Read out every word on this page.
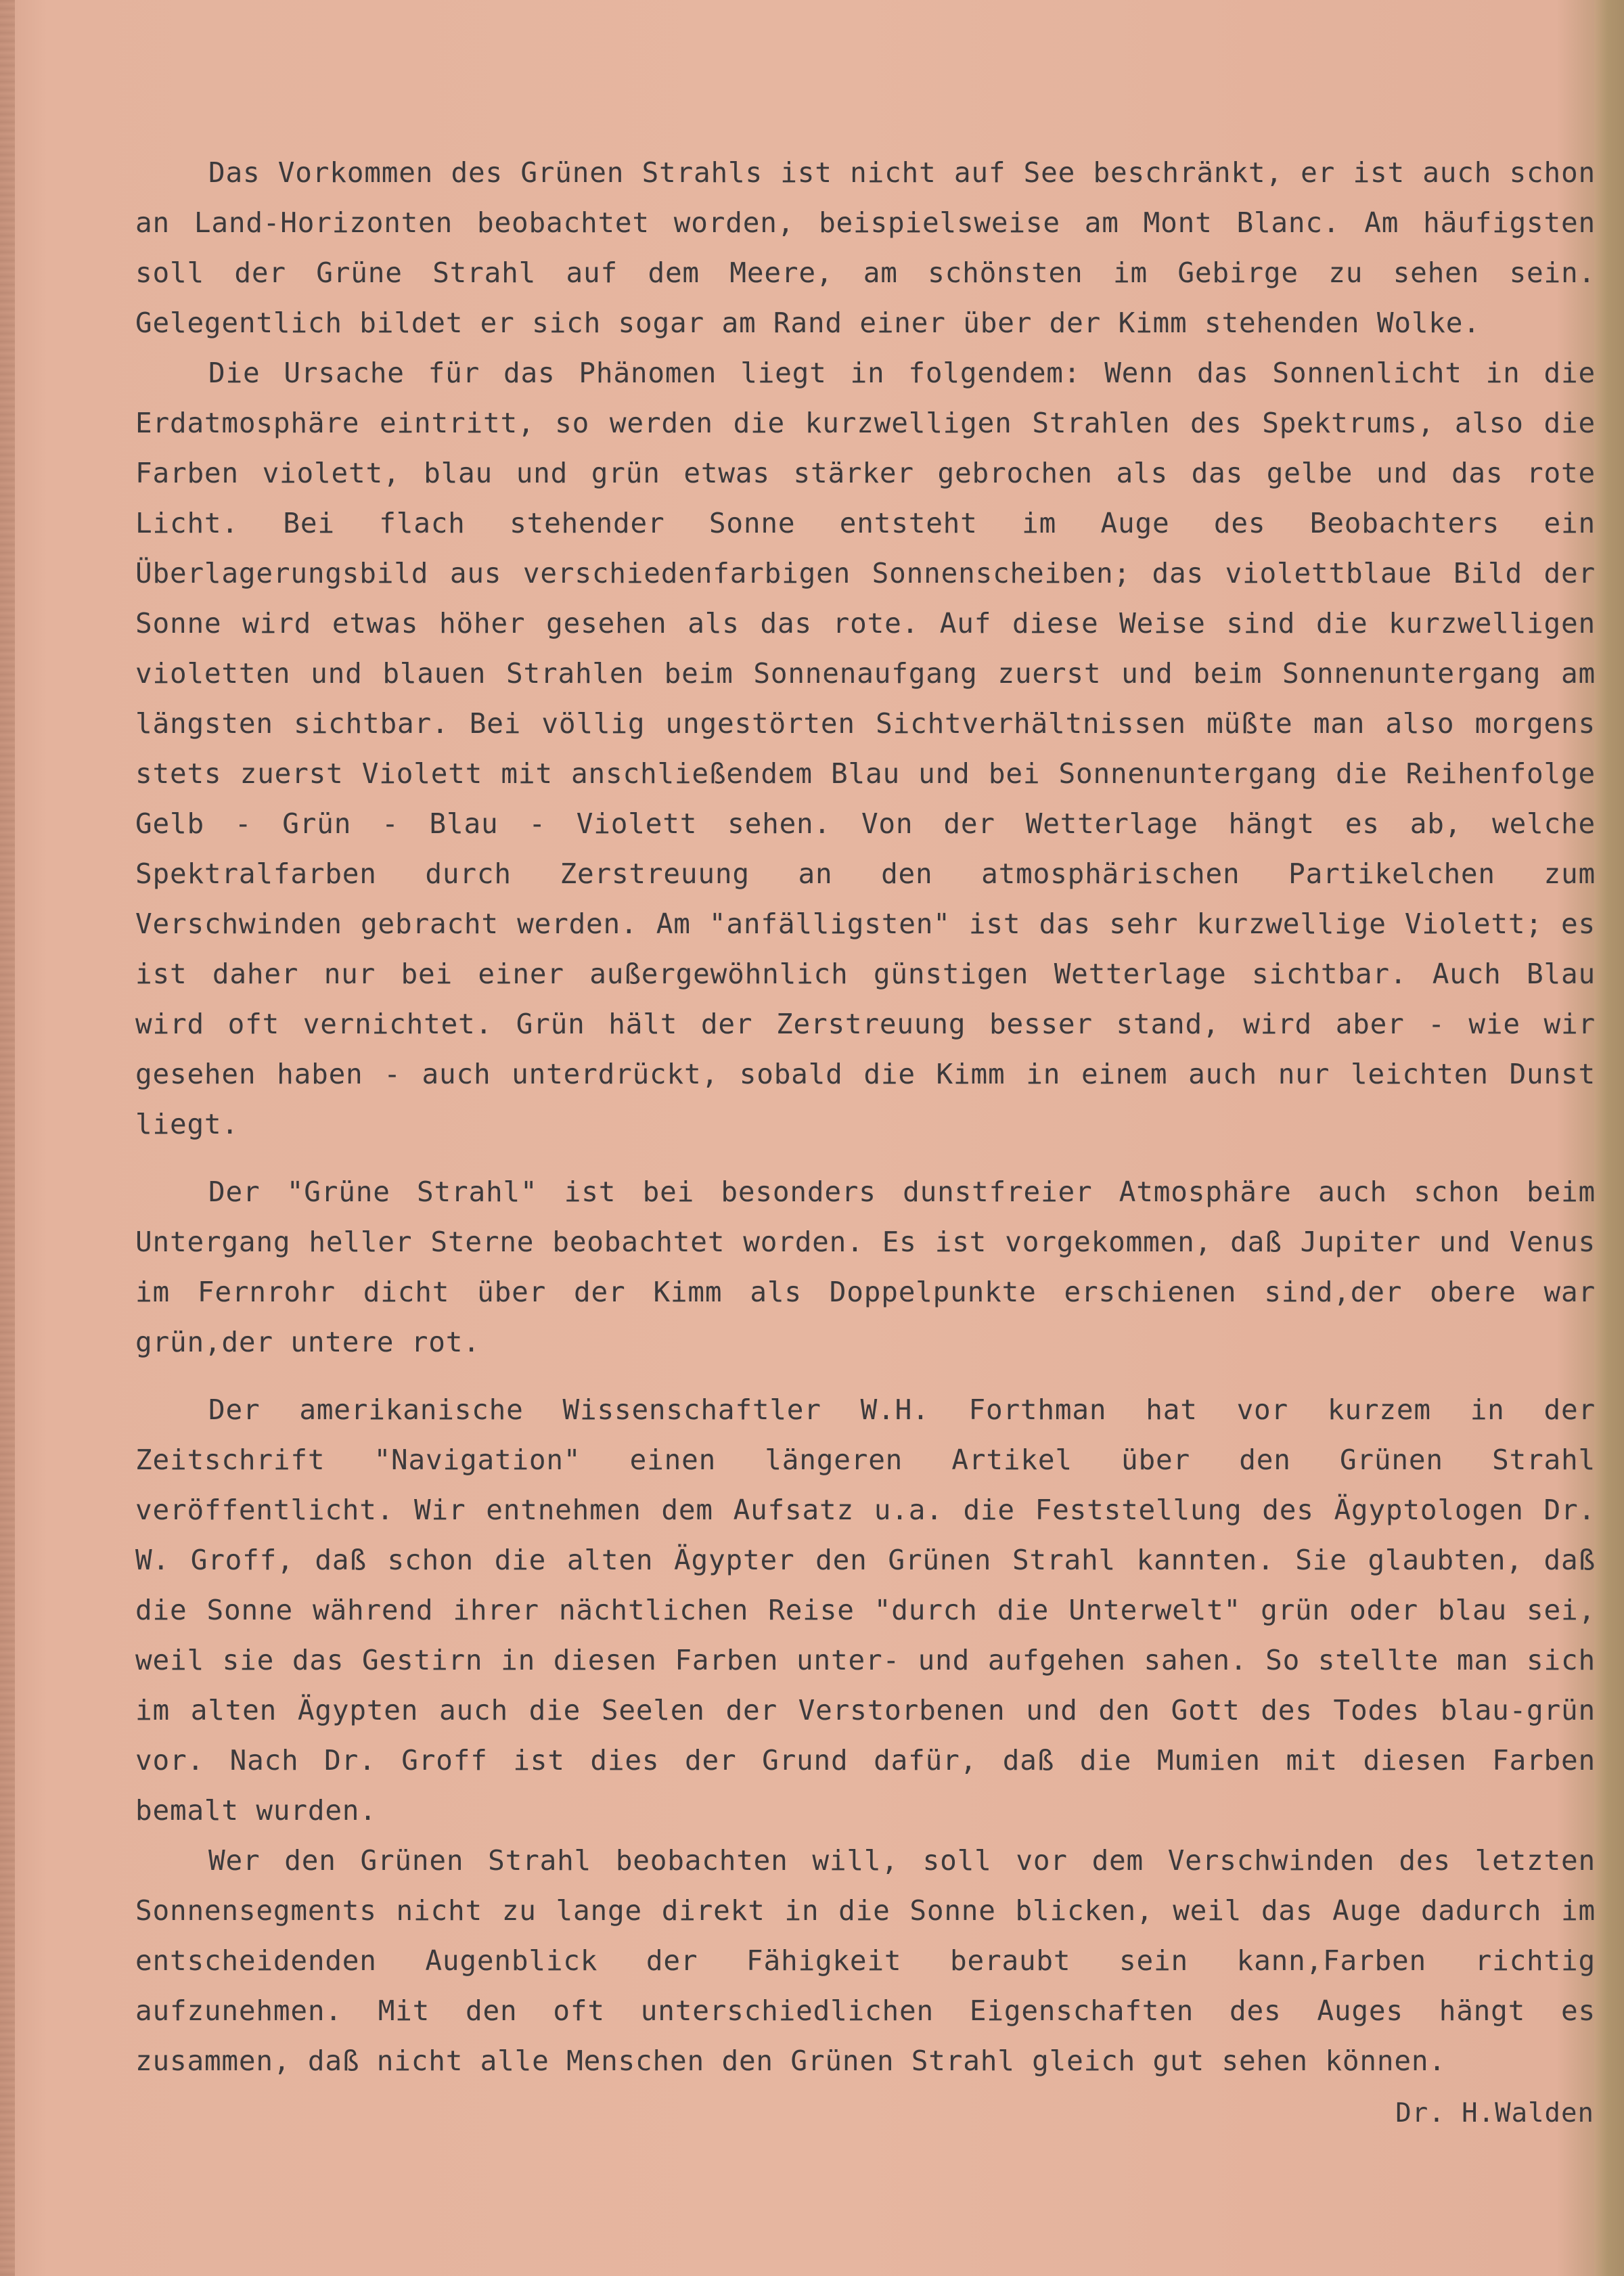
Das Vorkommen des Grünen Strahls ist nicht auf See beschränkt, er ist auch schon an Land-Horizonten beobachtet worden, beispielsweise am Mont Blanc. Am häufigsten soll der Grüne Strahl auf dem Meere, am schönsten im Gebirge zu sehen sein. Gelegentlich bildet er sich sogar am Rand einer über der Kimm stehenden Wolke.

Die Ursache für das Phänomen liegt in folgendem: Wenn das Sonnenlicht in die Erdatmosphäre eintritt, so werden die kurzwelligen Strahlen des Spektrums, also die Farben violett, blau und grün etwas stärker gebrochen als das gelbe und das rote Licht. Bei flach stehender Sonne entsteht im Auge des Beobachters ein Überlagerungsbild aus verschiedenfarbigen Sonnenscheiben; das violettblaue Bild der Sonne wird etwas höher gesehen als das rote. Auf diese Weise sind die kurzwelligen violetten und blauen Strahlen beim Sonnenaufgang zuerst und beim Sonnenuntergang am längsten sichtbar. Bei völlig ungestörten Sichtverhältnissen müßte man also morgens stets zuerst Violett mit anschließendem Blau und bei Sonnenuntergang die Reihenfolge Gelb - Grün - Blau - Violett sehen. Von der Wetterlage hängt es ab, welche Spektralfarben durch Zerstreuung an den atmosphärischen Partikelchen zum Verschwinden gebracht werden. Am "anfälligsten" ist das sehr kurzwellige Violett; es ist daher nur bei einer außergewöhnlich günstigen Wetterlage sichtbar. Auch Blau wird oft vernichtet. Grün hält der Zerstreuung besser stand, wird aber - wie wir gesehen haben - auch unterdrückt, sobald die Kimm in einem auch nur leichten Dunst liegt.

Der "Grüne Strahl" ist bei besonders dunstfreier Atmosphäre auch schon beim Untergang heller Sterne beobachtet worden. Es ist vorgekommen, daß Jupiter und Venus im Fernrohr dicht über der Kimm als Doppelpunkte erschienen sind,der obere war grün,der untere rot.

Der amerikanische Wissenschaftler W.H. Forthman hat vor kurzem in der Zeitschrift "Navigation" einen längeren Artikel über den Grünen Strahl veröffentlicht. Wir entnehmen dem Aufsatz u.a. die Feststellung des Ägyptologen Dr. W. Groff, daß schon die alten Ägypter den Grünen Strahl kannten. Sie glaubten, daß die Sonne während ihrer nächtlichen Reise "durch die Unterwelt" grün oder blau sei, weil sie das Gestirn in diesen Farben unter- und aufgehen sahen. So stellte man sich im alten Ägypten auch die Seelen der Verstorbenen und den Gott des Todes blau-grün vor. Nach Dr. Groff ist dies der Grund dafür, daß die Mumien mit diesen Farben bemalt wurden.

Wer den Grünen Strahl beobachten will, soll vor dem Verschwinden des letzten Sonnensegments nicht zu lange direkt in die Sonne blicken, weil das Auge dadurch im entscheidenden Augenblick der Fähigkeit beraubt sein kann,Farben richtig aufzunehmen. Mit den oft unterschiedlichen Eigenschaften des Auges hängt es zusammen, daß nicht alle Menschen den Grünen Strahl gleich gut sehen können.

Dr. H.Walden
